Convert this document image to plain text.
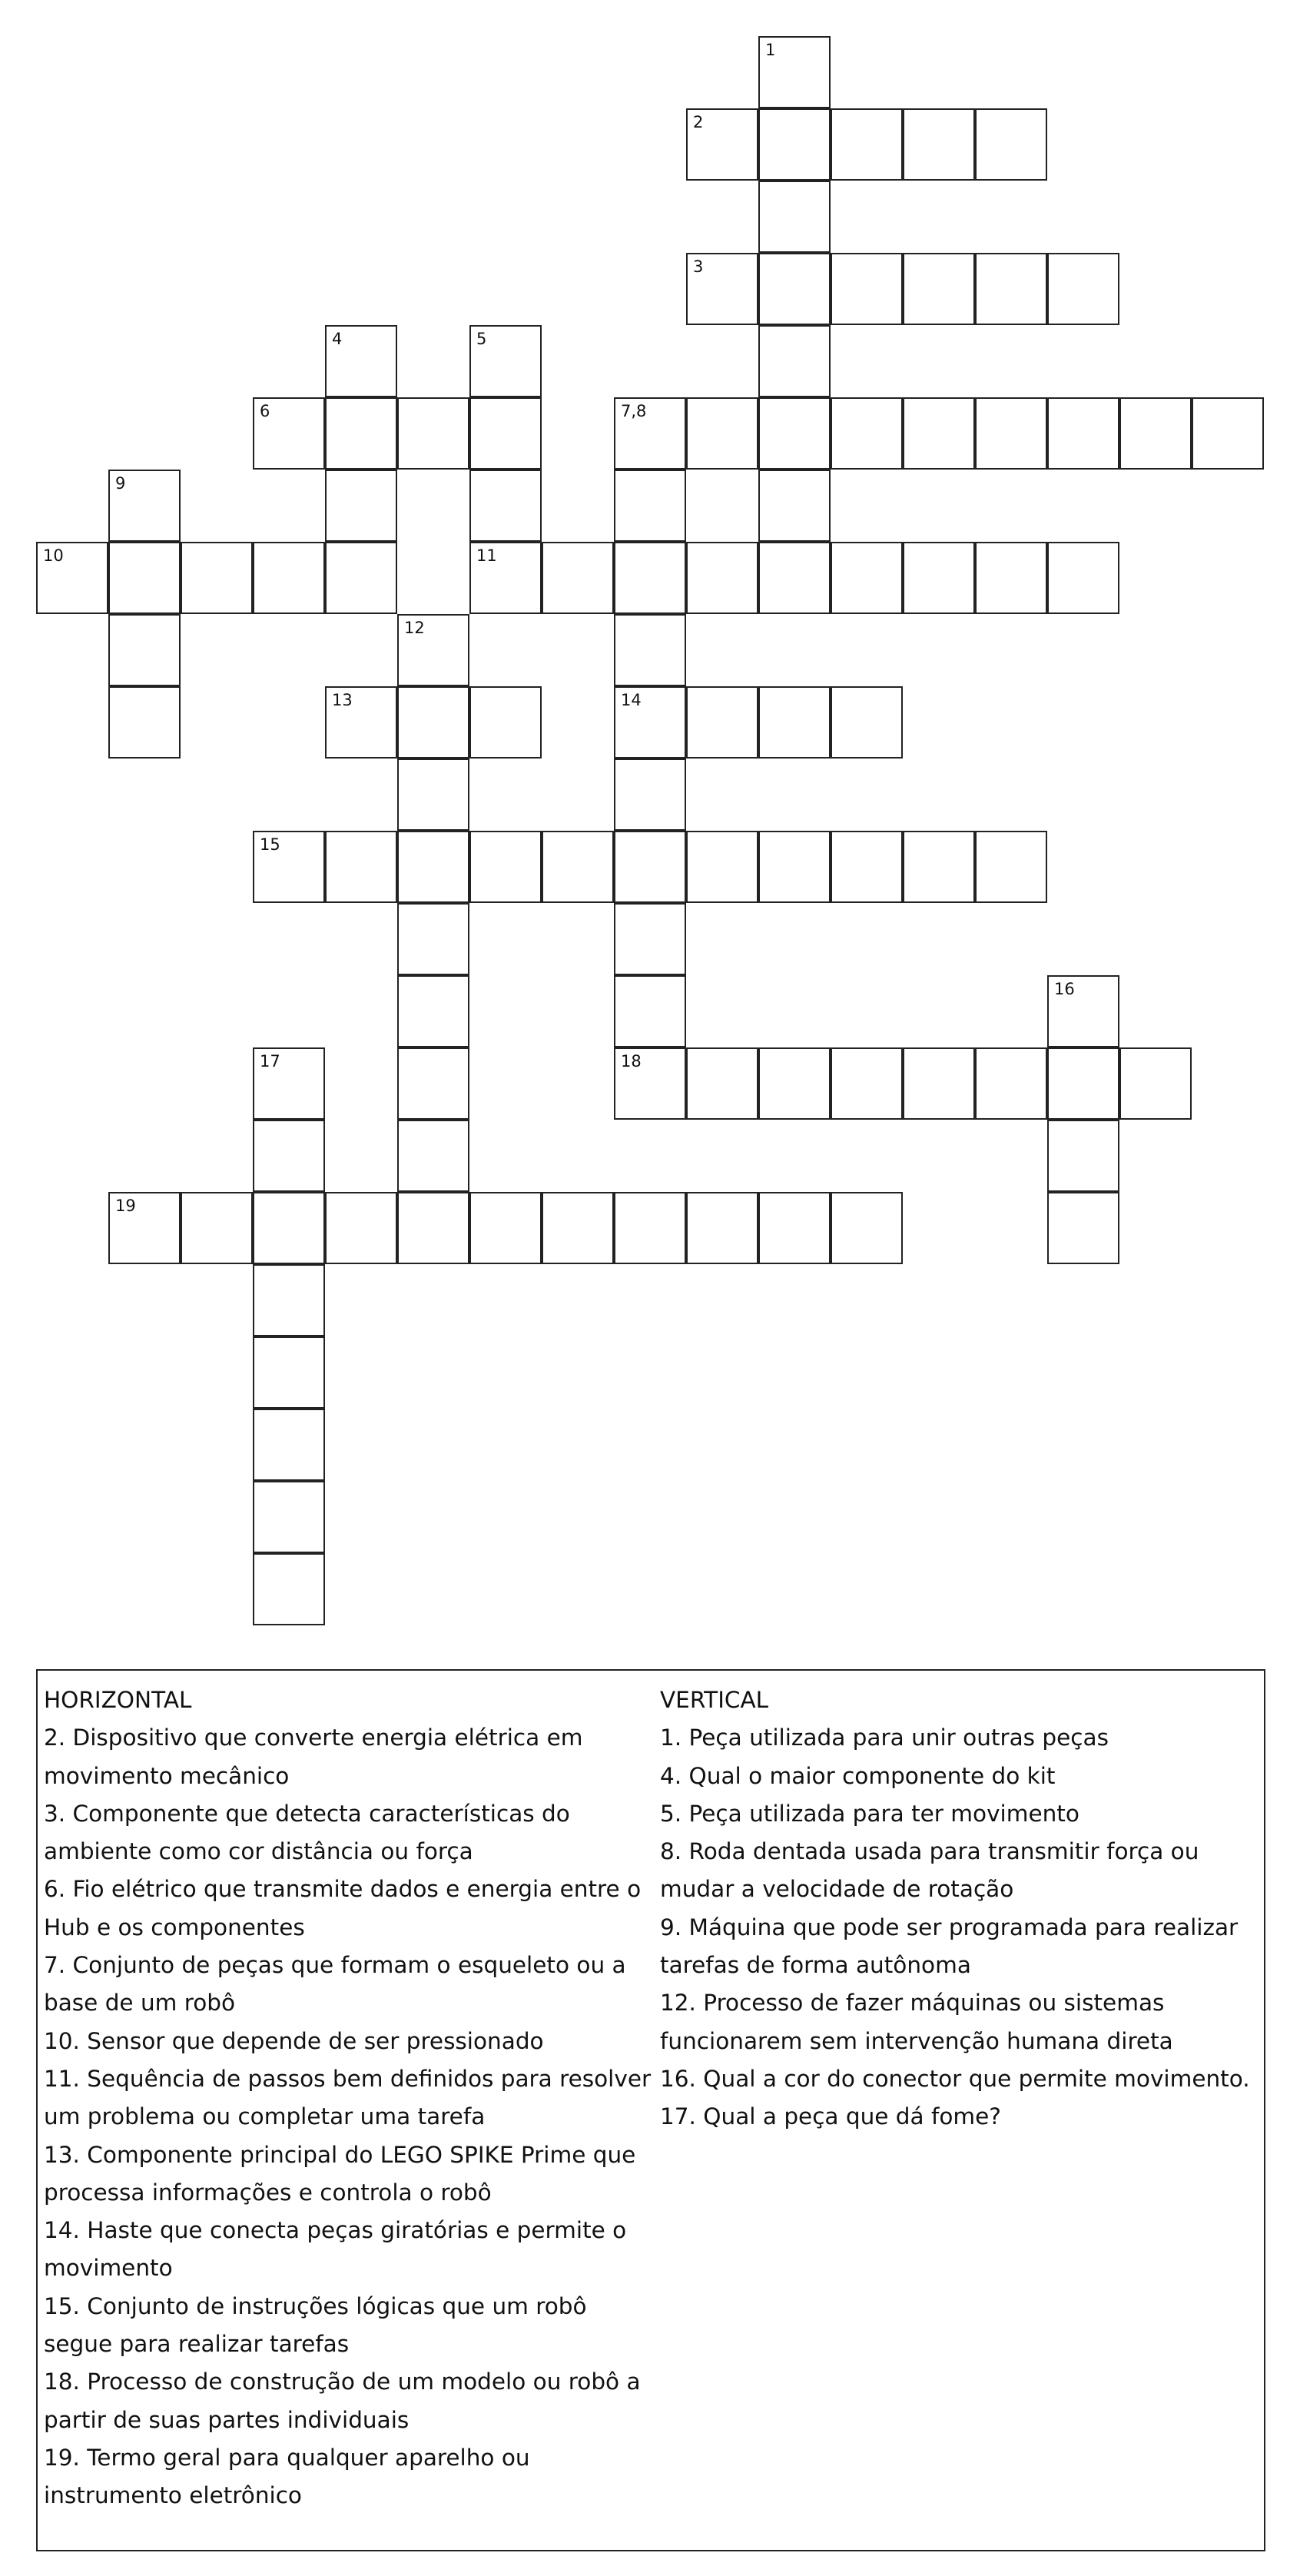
2
3
6	7,8
10	11
13	14
15
18
19
1
4	5
9
12
16
17

HORIZONTAL

2. Dispositivo que converte energia elétrica em movimento mecânico

3. Componente que detecta características do ambiente como cor distância ou força

6. Fio elétrico que transmite dados e energia entre o Hub e os componentes

7. Conjunto de peças que formam o esqueleto ou a base de um robô

10. Sensor que depende de ser pressionado

11. Sequência de passos bem definidos para resolver um problema ou completar uma tarefa

13. Componente principal do LEGO SPIKE Prime que processa informações e controla o robô

14. Haste que conecta peças giratórias e permite o movimento

15. Conjunto de instruções lógicas que um robô segue para realizar tarefas

18. Processo de construção de um modelo ou robô a partir de suas partes individuais

19. Termo geral para qualquer aparelho ou instrumento eletrônico

VERTICAL

1. Peça utilizada para unir outras peças

4. Qual o maior componente do kit

5. Peça utilizada para ter movimento

8. Roda dentada usada para transmitir força ou mudar a velocidade de rotação

9. Máquina que pode ser programada para realizar tarefas de forma autônoma

12. Processo de fazer máquinas ou sistemas funcionarem sem intervenção humana direta

16. Qual a cor do conector que permite movimento.

17. Qual a peça que dá fome?
